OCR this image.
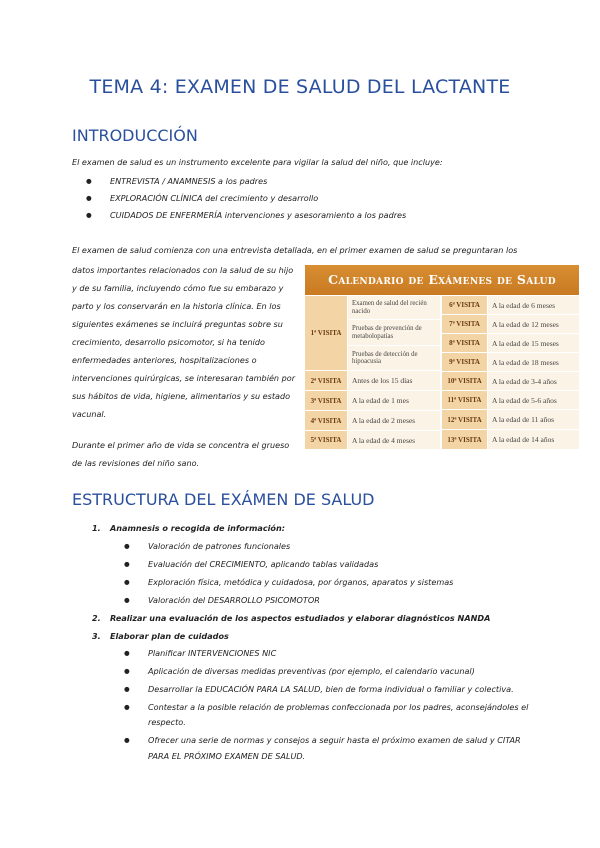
TEMA 4: EXAMEN DE SALUD DEL LACTANTE
INTRODUCCIÓN
El examen de salud es un instrumento excelente para vigilar la salud del niño, que incluye:
● ENTREVISTA / ANAMNESIS a los padres
● EXPLORACIÓN CLÍNICA del crecimiento y desarrollo
● CUIDADOS DE ENFERMERÍA intervenciones y asesoramiento a los padres
El examen de salud comienza con una entrevista detallada, en el primer examen de salud se preguntaran los
datos importantes relacionados con la salud de su hijo
y de su familia, incluyendo cómo fue su embarazo y
parto y los conservarán en la historia clínica. En los
siguientes exámenes se incluirá preguntas sobre su
crecimiento, desarrollo psicomotor, si ha tenido
enfermedades anteriores, hospitalizaciones o
intervenciones quirúrgicas, se interesaran también por
sus hábitos de vida, higiene, alimentarios y su estado
vacunal.
Durante el primer año de vida se concentra el grueso
de las revisiones del niño sano.
Calendario de Exámenes de Salud
1ª VISITA
Examen de salud del recién nacido
Pruebas de prevención de metabolopatías
Pruebas de detección de hipoacusia
2ª VISITA	Antes de los 15 días
3ª VISITA	A la edad de 1 mes
4ª VISITA	A la edad de 2 meses
5ª VISITA	A la edad de 4 meses
6ª VISITA	A la edad de 6 meses
7ª VISITA	A la edad de 12 meses
8ª VISITA	A la edad de 15 meses
9ª VISITA	A la edad de 18 meses
10ª VISITA	A la edad de 3-4 años
11ª VISITA	A la edad de 5-6 años
12ª VISITA	A la edad de 11 años
13ª VISITA	A la edad de 14 años
ESTRUCTURA DEL EXÁMEN DE SALUD
1. Anamnesis o recogida de información:
● Valoración de patrones funcionales
● Evaluación del CRECIMIENTO, aplicando tablas validadas
● Exploración física, metódica y cuidadosa, por órganos, aparatos y sistemas
● Valoración del DESARROLLO PSICOMOTOR
2. Realizar una evaluación de los aspectos estudiados y elaborar diagnósticos NANDA
3. Elaborar plan de cuidados
● Planificar INTERVENCIONES NIC
● Aplicación de diversas medidas preventivas (por ejemplo, el calendario vacunal)
● Desarrollar la EDUCACIÓN PARA LA SALUD, bien de forma individual o familiar y colectiva.
● Contestar a la posible relación de problemas confeccionada por los padres, aconsejándoles el
respecto.
● Ofrecer una serie de normas y consejos a seguir hasta el próximo examen de salud y CITAR
PARA EL PRÓXIMO EXAMEN DE SALUD.
